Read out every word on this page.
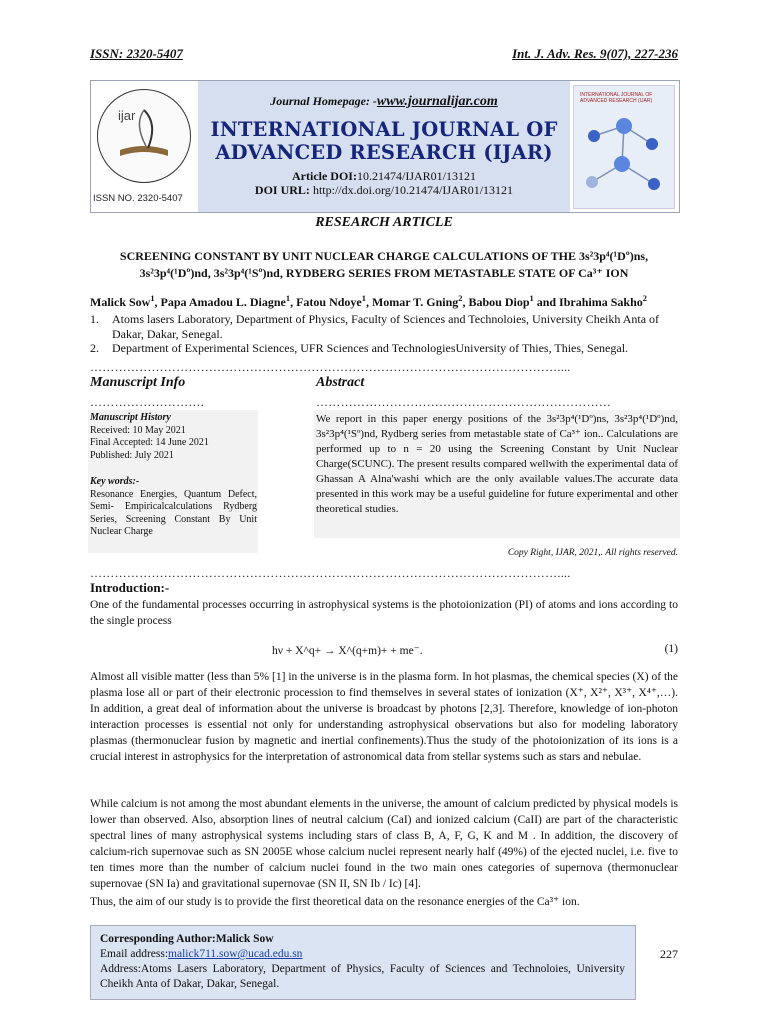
ISSN: 2320-5407	Int. J. Adv. Res. 9(07), 227-236
Journal Homepage: -www.journalijar.com
INTERNATIONAL JOURNAL OF
ADVANCED RESEARCH (IJAR)
Article DOI:10.21474/IJAR01/13121
DOI URL: http://dx.doi.org/10.21474/IJAR01/13121
ijar
ISSN NO. 2320-5407
INTERNATIONAL JOURNAL OF ADVANCED RESEARCH (IJAR)
RESEARCH ARTICLE
SCREENING CONSTANT BY UNIT NUCLEAR CHARGE CALCULATIONS OF THE 3s²3p⁴(¹Dº)ns,
3s²3p⁴(¹Dº)nd, 3s²3p⁴(¹Sº)nd, RYDBERG SERIES FROM METASTABLE STATE OF Ca³⁺ ION
Malick Sow$^1$, Papa Amadou L. Diagne$^1$, Fatou Ndoye$^1$, Momar T. Gning$^2$, Babou Diop$^1$ and Ibrahima Sakho$^2$
1.	Atoms lasers Laboratory, Department of Physics, Faculty of Sciences and Technoloies, University Cheikh Anta of Dakar, Dakar, Senegal.
2.	Department of Experimental Sciences, UFR Sciences and TechnologiesUniversity of Thies, Thies, Senegal.
……………………………………………………………………………………………………....
Manuscript Info	Abstract
……………………….	………………………………………………………………
Manuscript History
Received: 10 May 2021
Final Accepted: 14 June 2021
Published: July 2021
Key words:-
Resonance Energies, Quantum Defect, Semi- Empiricalcalculations Rydberg Series, Screening Constant By Unit Nuclear Charge
We report in this paper energy positions of the 3s²3p⁴(¹Dº)ns, 3s²3p⁴(¹Dº)nd, 3s²3p⁴(¹Sº)nd, Rydberg series from metastable state of Ca³⁺ ion.. Calculations are performed up to n = 20 using the Screening Constant by Unit Nuclear Charge(SCUNC). The present results compared wellwith the experimental data of Ghassan A Alna'washi which are the only available values.The accurate data presented in this work may be a useful guideline for future experimental and other theoretical studies.
Copy Right, IJAR, 2021,. All rights reserved.
……………………………………………………………………………………………………....
Introduction:-
One of the fundamental processes occurring in astrophysical systems is the photoionization (PI) of atoms and ions according to the single process
hν + X^q+ → X^(q+m)+ + me⁻.	(1)
Almost all visible matter (less than 5% [1] in the universe is in the plasma form. In hot plasmas, the chemical species (X) of the plasma lose all or part of their electronic procession to find themselves in several states of ionization (X⁺, X²⁺, X³⁺, X⁴⁺,…). In addition, a great deal of information about the universe is broadcast by photons [2,3]. Therefore, knowledge of ion-photon interaction processes is essential not only for understanding astrophysical observations but also for modeling laboratory plasmas (thermonuclear fusion by magnetic and inertial confinements).Thus the study of the photoionization of its ions is a crucial interest in astrophysics for the interpretation of astronomical data from stellar systems such as stars and nebulae.
While calcium is not among the most abundant elements in the universe, the amount of calcium predicted by physical models is lower than observed. Also, absorption lines of neutral calcium (CaI) and ionized calcium (CaII) are part of the characteristic spectral lines of many astrophysical systems including stars of class B, A, F, G, K and M . In addition, the discovery of calcium-rich supernovae such as SN 2005E whose calcium nuclei represent nearly half (49%) of the ejected nuclei, i.e. five to ten times more than the number of calcium nuclei found in the two main ones categories of supernova (thermonuclear supernovae (SN Ia) and gravitational supernovae (SN II, SN Ib / Ic) [4].
Thus, the aim of our study is to provide the first theoretical data on the resonance energies of the Ca³⁺ ion.
Corresponding Author:Malick Sow
Email address:malick711.sow@ucad.edu.sn
Address:Atoms Lasers Laboratory, Department of Physics, Faculty of Sciences and Technoloies, University Cheikh Anta of Dakar, Dakar, Senegal.
227
